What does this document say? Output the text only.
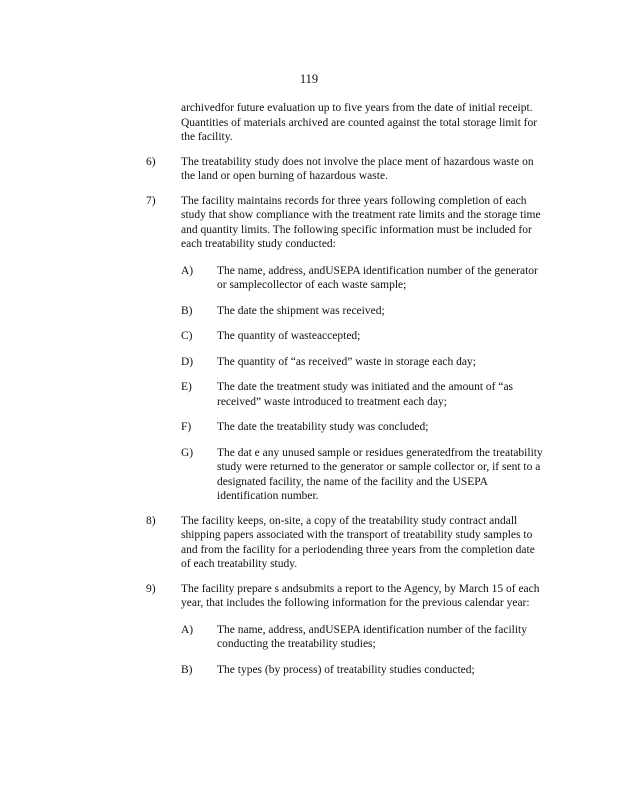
119
archivedfor future evaluation up to five years from the date of initial receipt. Quantities of materials archived are counted against the total storage limit for the facility.
6)	The treatability study does not involve the place ment of hazardous waste on the land or open burning of hazardous waste.
7)	The facility maintains records for three years following completion of each study that show compliance with the treatment rate limits and the storage time and quantity limits. The following specific information must be included for each treatability study conducted:
A)	The name, address, andUSEPA identification number of the generator or samplecollector of each waste sample;
B)	The date the shipment was received;
C)	The quantity of wasteaccepted;
D)	The quantity of “as received” waste in storage each day;
E)	The date the treatment study was initiated and the amount of “as received” waste introduced to treatment each day;
F)	The date the treatability study was concluded;
G)	The dat e any unused sample or residues generatedfrom the treatability study were returned to the generator or sample collector or, if sent to a designated facility, the name of the facility and the USEPA identification number.
8)	The facility keeps, on-site, a copy of the treatability study contract andall shipping papers associated with the transport of treatability study samples to and from the facility for a periodending three years from the completion date of each treatability study.
9)	The facility prepare s andsubmits a report to the Agency, by March 15 of each year, that includes the following information for the previous calendar year:
A)	The name, address, andUSEPA identification number of the facility conducting the treatability studies;
B)	The types (by process) of treatability studies conducted;
